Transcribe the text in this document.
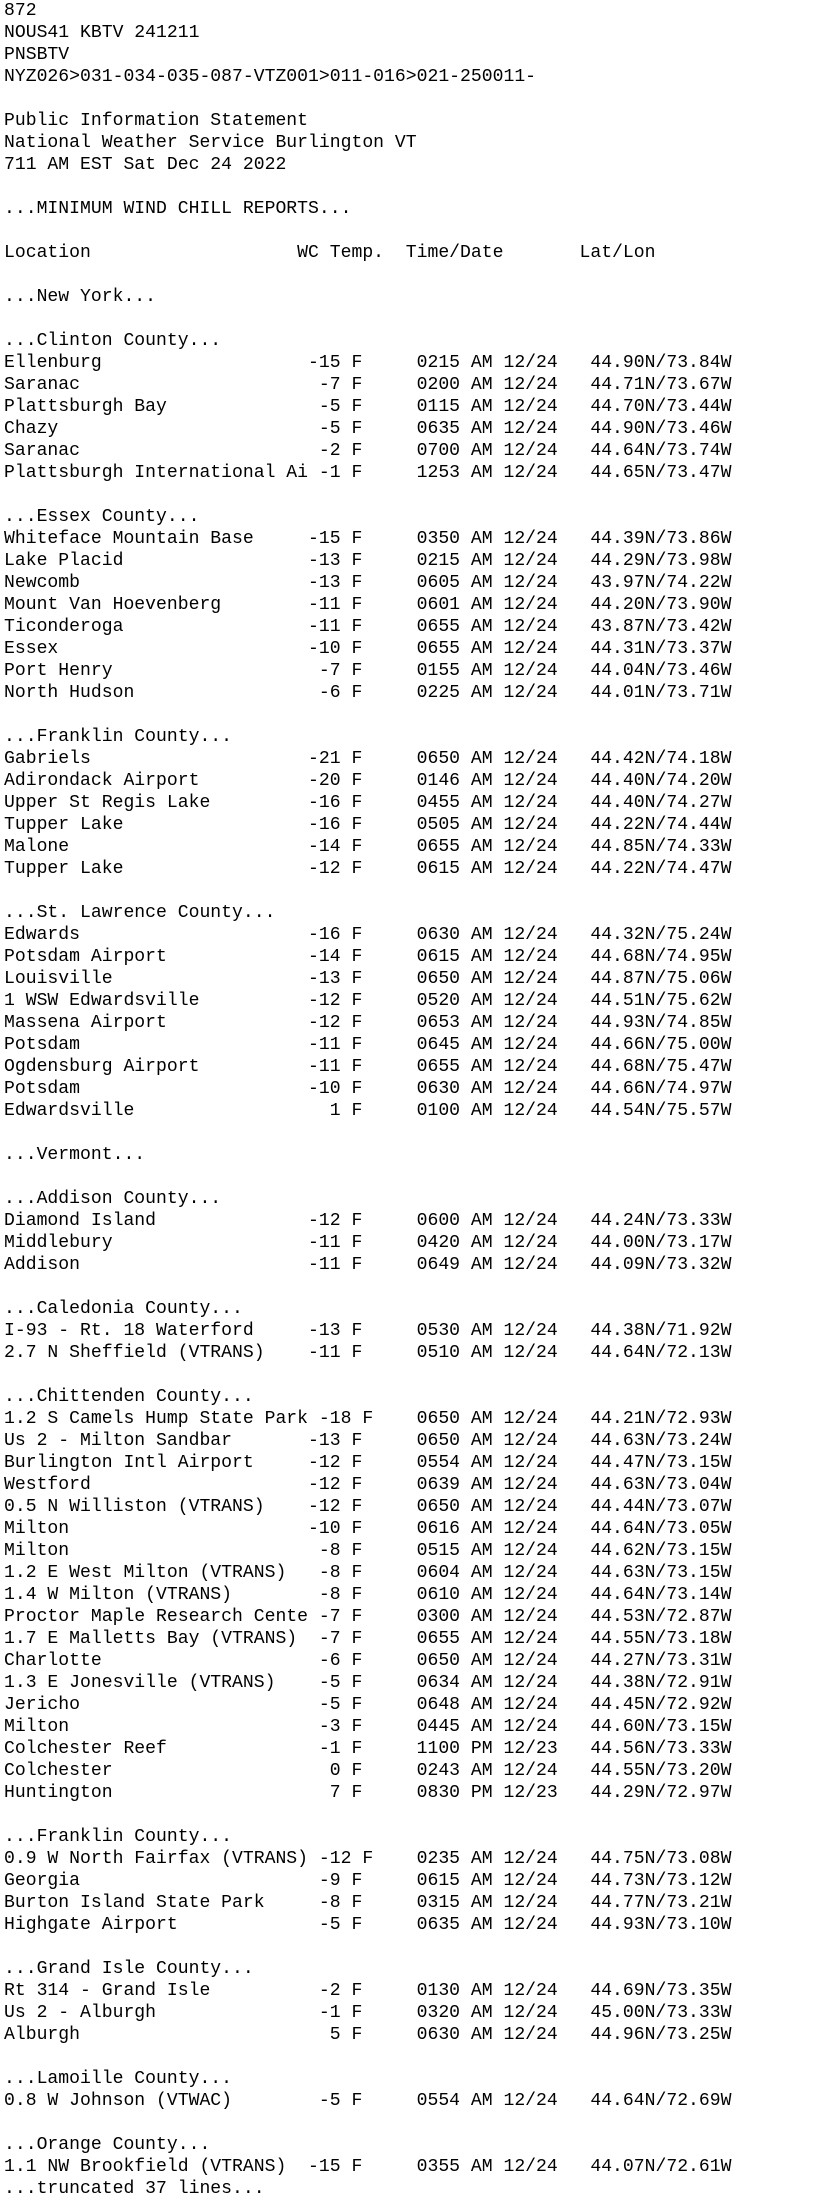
872
NOUS41 KBTV 241211
PNSBTV
NYZ026>031-034-035-087-VTZ001>011-016>021-250011-
Public Information Statement
National Weather Service Burlington VT
711 AM EST Sat Dec 24 2022
...MINIMUM WIND CHILL REPORTS...
Location                   WC Temp.  Time/Date       Lat/Lon
...New York...
...Clinton County...
Ellenburg                   -15 F     0215 AM 12/24   44.90N/73.84W
Saranac                      -7 F     0200 AM 12/24   44.71N/73.67W
Plattsburgh Bay              -5 F     0115 AM 12/24   44.70N/73.44W
Chazy                        -5 F     0635 AM 12/24   44.90N/73.46W
Saranac                      -2 F     0700 AM 12/24   44.64N/73.74W
Plattsburgh International Ai -1 F     1253 AM 12/24   44.65N/73.47W
...Essex County...
Whiteface Mountain Base     -15 F     0350 AM 12/24   44.39N/73.86W
Lake Placid                 -13 F     0215 AM 12/24   44.29N/73.98W
Newcomb                     -13 F     0605 AM 12/24   43.97N/74.22W
Mount Van Hoevenberg        -11 F     0601 AM 12/24   44.20N/73.90W
Ticonderoga                 -11 F     0655 AM 12/24   43.87N/73.42W
Essex                       -10 F     0655 AM 12/24   44.31N/73.37W
Port Henry                   -7 F     0155 AM 12/24   44.04N/73.46W
North Hudson                 -6 F     0225 AM 12/24   44.01N/73.71W
...Franklin County...
Gabriels                    -21 F     0650 AM 12/24   44.42N/74.18W
Adirondack Airport          -20 F     0146 AM 12/24   44.40N/74.20W
Upper St Regis Lake         -16 F     0455 AM 12/24   44.40N/74.27W
Tupper Lake                 -16 F     0505 AM 12/24   44.22N/74.44W
Malone                      -14 F     0655 AM 12/24   44.85N/74.33W
Tupper Lake                 -12 F     0615 AM 12/24   44.22N/74.47W
...St. Lawrence County...
Edwards                     -16 F     0630 AM 12/24   44.32N/75.24W
Potsdam Airport             -14 F     0615 AM 12/24   44.68N/74.95W
Louisville                  -13 F     0650 AM 12/24   44.87N/75.06W
1 WSW Edwardsville          -12 F     0520 AM 12/24   44.51N/75.62W
Massena Airport             -12 F     0653 AM 12/24   44.93N/74.85W
Potsdam                     -11 F     0645 AM 12/24   44.66N/75.00W
Ogdensburg Airport          -11 F     0655 AM 12/24   44.68N/75.47W
Potsdam                     -10 F     0630 AM 12/24   44.66N/74.97W
Edwardsville                  1 F     0100 AM 12/24   44.54N/75.57W
...Vermont...
...Addison County...
Diamond Island              -12 F     0600 AM 12/24   44.24N/73.33W
Middlebury                  -11 F     0420 AM 12/24   44.00N/73.17W
Addison                     -11 F     0649 AM 12/24   44.09N/73.32W
...Caledonia County...
I-93 - Rt. 18 Waterford     -13 F     0530 AM 12/24   44.38N/71.92W
2.7 N Sheffield (VTRANS)    -11 F     0510 AM 12/24   44.64N/72.13W
...Chittenden County...
1.2 S Camels Hump State Park -18 F    0650 AM 12/24   44.21N/72.93W
Us 2 - Milton Sandbar       -13 F     0650 AM 12/24   44.63N/73.24W
Burlington Intl Airport     -12 F     0554 AM 12/24   44.47N/73.15W
Westford                    -12 F     0639 AM 12/24   44.63N/73.04W
0.5 N Williston (VTRANS)    -12 F     0650 AM 12/24   44.44N/73.07W
Milton                      -10 F     0616 AM 12/24   44.64N/73.05W
Milton                       -8 F     0515 AM 12/24   44.62N/73.15W
1.2 E West Milton (VTRANS)   -8 F     0604 AM 12/24   44.63N/73.15W
1.4 W Milton (VTRANS)        -8 F     0610 AM 12/24   44.64N/73.14W
Proctor Maple Research Cente -7 F     0300 AM 12/24   44.53N/72.87W
1.7 E Malletts Bay (VTRANS)  -7 F     0655 AM 12/24   44.55N/73.18W
Charlotte                    -6 F     0650 AM 12/24   44.27N/73.31W
1.3 E Jonesville (VTRANS)    -5 F     0634 AM 12/24   44.38N/72.91W
Jericho                      -5 F     0648 AM 12/24   44.45N/72.92W
Milton                       -3 F     0445 AM 12/24   44.60N/73.15W
Colchester Reef              -1 F     1100 PM 12/23   44.56N/73.33W
Colchester                    0 F     0243 AM 12/24   44.55N/73.20W
Huntington                    7 F     0830 PM 12/23   44.29N/72.97W
...Franklin County...
0.9 W North Fairfax (VTRANS) -12 F    0235 AM 12/24   44.75N/73.08W
Georgia                      -9 F     0615 AM 12/24   44.73N/73.12W
Burton Island State Park     -8 F     0315 AM 12/24   44.77N/73.21W
Highgate Airport             -5 F     0635 AM 12/24   44.93N/73.10W
...Grand Isle County...
Rt 314 - Grand Isle          -2 F     0130 AM 12/24   44.69N/73.35W
Us 2 - Alburgh               -1 F     0320 AM 12/24   45.00N/73.33W
Alburgh                       5 F     0630 AM 12/24   44.96N/73.25W
...Lamoille County...
0.8 W Johnson (VTWAC)        -5 F     0554 AM 12/24   44.64N/72.69W
...Orange County...
1.1 NW Brookfield (VTRANS)  -15 F     0355 AM 12/24   44.07N/72.61W
...truncated 37 lines...
